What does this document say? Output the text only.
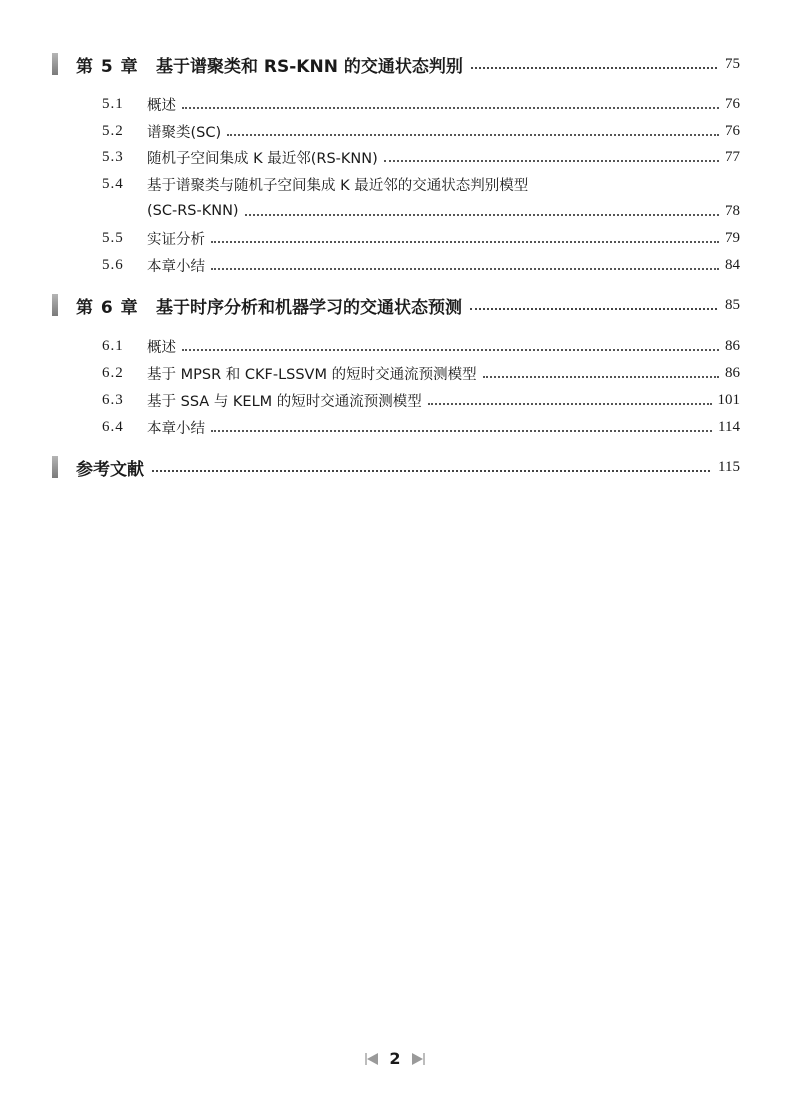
第 5 章	基于谱聚类和 RS-KNN 的交通状态判别	75
5.1	概述	76
5.2	谱聚类(SC)	76
5.3	随机子空间集成 K 最近邻(RS-KNN)	77
5.4	基于谱聚类与随机子空间集成 K 最近邻的交通状态判别模型
(SC-RS-KNN)	78
5.5	实证分析	79
5.6	本章小结	84
第 6 章	基于时序分析和机器学习的交通状态预测	85
6.1	概述	86
6.2	基于 MPSR 和 CKF-LSSVM 的短时交通流预测模型	86
6.3	基于 SSA 与 KELM 的短时交通流预测模型	101
6.4	本章小结	114
参考文献	115
2
